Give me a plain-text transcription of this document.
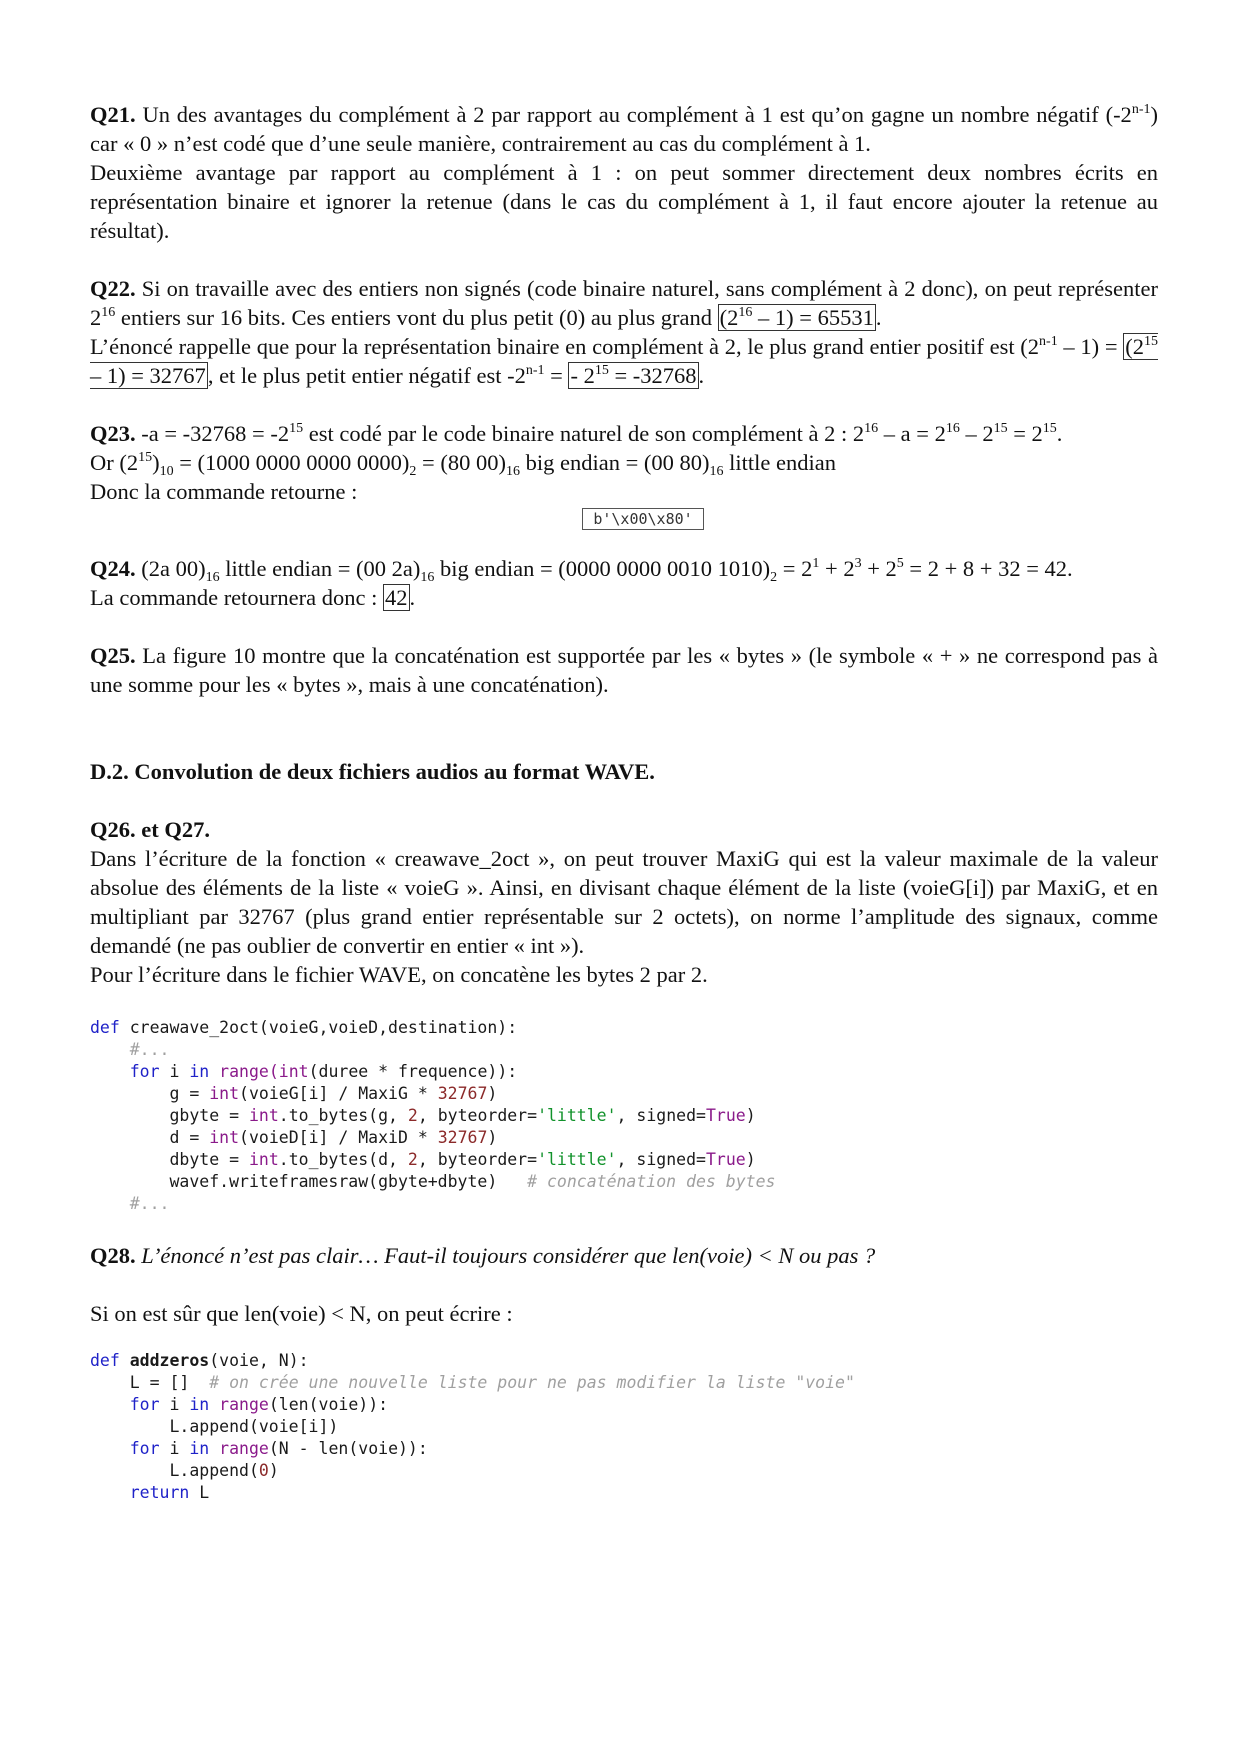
Q21. Un des avantages du complément à 2 par rapport au complément à 1 est qu’on gagne un nombre négatif (-2$^{n-1}$) car « 0 » n’est codé que d’une seule manière, contrairement au cas du complément à 1.

Deuxième avantage par rapport au complément à 1 : on peut sommer directement deux nombres écrits en représentation binaire et ignorer la retenue (dans le cas du complément à 1, il faut encore ajouter la retenue au résultat).

Q22. Si on travaille avec des entiers non signés (code binaire naturel, sans complément à 2 donc), on peut représenter $2^{16}$ entiers sur 16 bits. Ces entiers vont du plus petit (0) au plus grand $(2^{16} - 1) = 65531$.

L’énoncé rappelle que pour la représentation binaire en complément à 2, le plus grand entier positif est $(2^{n-1} - 1) = (2^{15} - 1) = 32767$, et le plus petit entier négatif est $-2^{n-1}$ = - $2^{15} = -32768$.

Q23. $-a = -32768 = -2^{15}$ est codé par le code binaire naturel de son complément à 2 : $2^{16} - a = 2^{16} - 2^{15} = 2^{15}$.

Or $(2^{15})_{10} = (1000$ 0000 0000 $0000)_2 = (80$ $00)_{16}$ big endian = (00 $80)_{16}$ little endian

Donc la commande retourne :

b'\x00\x80'

Q24. (2a $00)_{16}$ little endian = (00 $2a)_{16}$ big endian = (0000 0000 0010 $1010)_2 = 2^1 + 2^3 + 2^5 = 2 + 8 + 32 = 42$.

La commande retournera donc : 42.

Q25. La figure 10 montre que la concaténation est supportée par les « bytes » (le symbole « + » ne correspond pas à une somme pour les « bytes », mais à une concaténation).

D.2. Convolution de deux fichiers audios au format WAVE.

Q26. et Q27.

Dans l’écriture de la fonction « creawave_2oct », on peut trouver MaxiG qui est la valeur maximale de la valeur absolue des éléments de la liste « voieG ». Ainsi, en divisant chaque élément de la liste (voieG[i]) par MaxiG, et en multipliant par 32767 (plus grand entier représentable sur 2 octets), on norme l’amplitude des signaux, comme demandé (ne pas oublier de convertir en entier « int »).

Pour l’écriture dans le fichier WAVE, on concatène les bytes 2 par 2.

def creawave_2oct(voieG,voieD,destination):
#...
for i in range(int(duree * frequence)):
g = int(voieG[i] / MaxiG * 32767)
gbyte = int.to_bytes(g, 2, byteorder='little', signed=True)
d = int(voieD[i] / MaxiD * 32767)
dbyte = int.to_bytes(d, 2, byteorder='little', signed=True)
wavef.writeframesraw(gbyte+dbyte)   # concaténation des bytes
#...

Q28. L’énoncé n’est pas clair… Faut-il toujours considérer que len(voie) < N ou pas ?

Si on est sûr que len(voie) < N, on peut écrire :

def addzeros(voie, N):
L = []  # on crée une nouvelle liste pour ne pas modifier la liste "voie"
for i in range(len(voie)):
L.append(voie[i])
for i in range(N - len(voie)):
L.append(0)
return L
